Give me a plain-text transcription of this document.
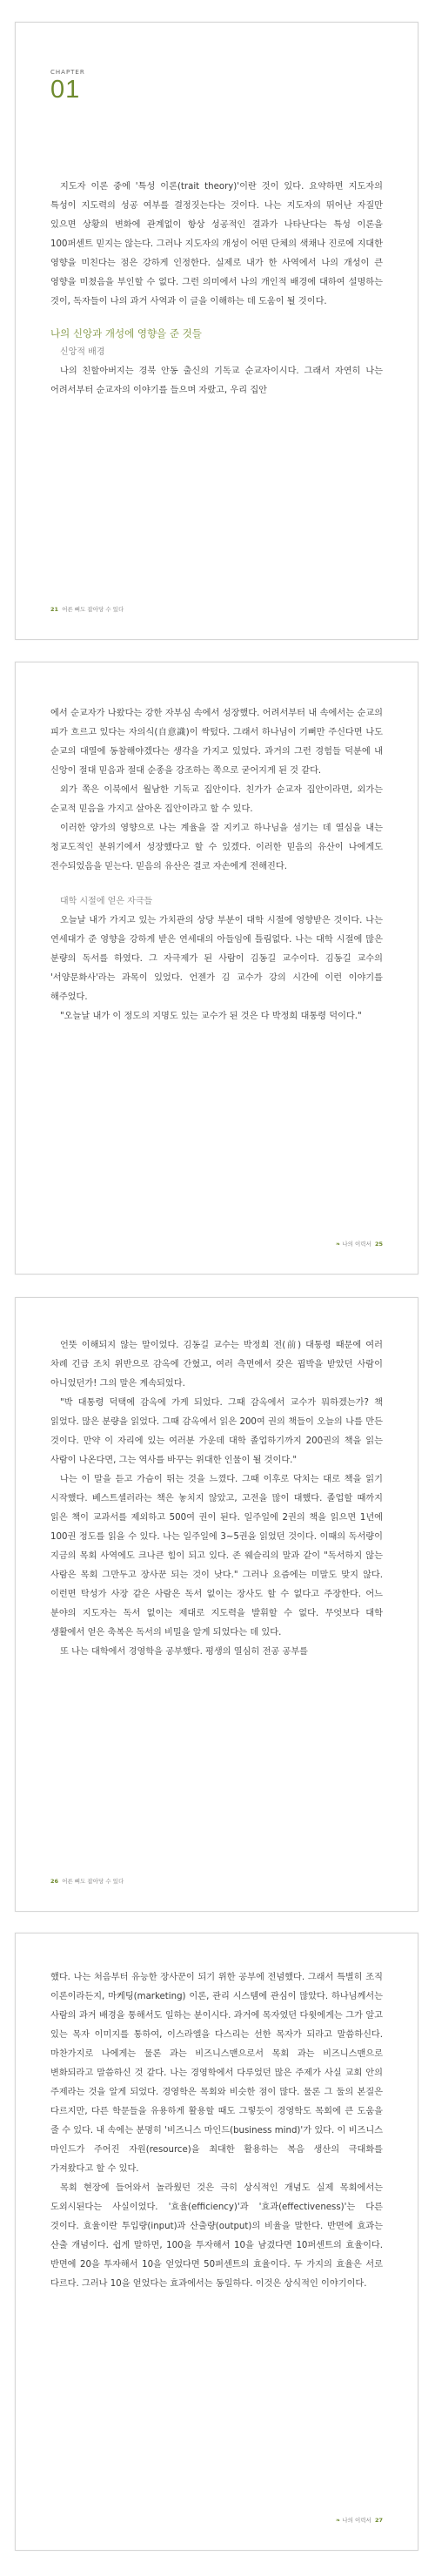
CHAPTER
01

지도자 이론 중에 '특성 이론(trait theory)'이란 것이 있다. 요약하면 지도자의 특성이 지도력의 성공 여부를 결정짓는다는 것이다. 나는 지도자의 뛰어난 자질만 있으면 상황의 변화에 관계없이 항상 성공적인 결과가 나타난다는 특성 이론을 100퍼센트 믿지는 않는다. 그러나 지도자의 개성이 어떤 단체의 색채나 진로에 지대한 영향을 미친다는 점은 강하게 인정한다. 실제로 내가 한 사역에서 나의 개성이 큰 영향을 미쳤음을 부인할 수 없다. 그런 의미에서 나의 개인적 배경에 대하여 설명하는 것이, 독자들이 나의 과거 사역과 이 글을 이해하는 데 도움이 될 것이다.

나의 신앙과 개성에 영향을 준 것들

신앙적 배경

나의 친할아버지는 경북 안동 출신의 기독교 순교자이시다. 그래서 자연히 나는 어려서부터 순교자의 이야기를 들으며 자랐고, 우리 집안

21 어른 뼈도 잡아당 수 있다

에서 순교자가 나왔다는 강한 자부심 속에서 성장했다. 어려서부터 내 속에서는 순교의 피가 흐르고 있다는 자의식(自意識)이 싹텄다. 그래서 하나님이 기뻐만 주신다면 나도 순교의 대열에 동참해야겠다는 생각을 가지고 있었다. 과거의 그런 경험들 덕분에 내 신앙이 절대 믿음과 절대 순종을 강조하는 쪽으로 굳어지게 된 것 같다.

외가 쪽은 이북에서 월남한 기독교 집안이다. 친가가 순교자 집안이라면, 외가는 순교적 믿음을 가지고 살아온 집안이라고 할 수 있다.

이러한 양가의 영향으로 나는 계율을 잘 지키고 하나님을 섬기는 데 열심을 내는 청교도적인 분위기에서 성장했다고 할 수 있겠다. 이러한 믿음의 유산이 나에게도 전수되었음을 믿는다. 믿음의 유산은 결코 자손에게 전해진다.

대학 시절에 얻은 자극들

오늘날 내가 가지고 있는 가치관의 상당 부분이 대학 시절에 영향받은 것이다. 나는 연세대가 준 영향을 강하게 받은 연세대의 아들임에 틀림없다. 나는 대학 시절에 많은 분량의 독서를 하였다. 그 자극제가 된 사람이 김동길 교수이다. 김동길 교수의 '서양문화사'라는 과목이 있었다. 언젠가 김 교수가 강의 시간에 이런 이야기를 해주었다.

"오늘날 내가 이 정도의 지명도 있는 교수가 된 것은 다 박정희 대통령 덕이다."

❧ 나의 이력서 25

언뜻 이해되지 않는 말이었다. 김동길 교수는 박정희 전(前) 대통령 때문에 여러 차례 긴급 조치 위반으로 감옥에 간혔고, 여러 측면에서 갖은 핍박을 받았던 사람이 아니었던가! 그의 말은 계속되었다.

"박 대통령 덕택에 감옥에 가게 되었다. 그때 감옥에서 교수가 뭐하겠는가? 책 읽었다. 많은 분량을 읽었다. 그때 감옥에서 읽은 200여 권의 책들이 오늘의 나를 만든 것이다. 만약 이 자리에 있는 여러분 가운데 대학 졸업하기까지 200권의 책을 읽는 사람이 나온다면, 그는 역사를 바꾸는 위대한 인물이 될 것이다."

나는 이 말을 듣고 가슴이 뛰는 것을 느꼈다. 그때 이후로 닥치는 대로 책을 읽기 시작했다. 베스트셀러라는 책은 놓치지 않았고, 고전을 많이 대했다. 졸업할 때까지 읽은 책이 교과서를 제외하고 500여 권이 된다. 일주일에 2권의 책을 읽으면 1년에 100권 정도를 읽을 수 있다. 나는 일주일에 3~5권을 읽었던 것이다. 이때의 독서량이 지금의 목회 사역에도 크나큰 힘이 되고 있다. 존 웨슬리의 말과 같이 "독서하지 않는 사람은 목회 그만두고 장사꾼 되는 것이 낫다." 그러나 요즘에는 미말도 맞지 않다. 이런면 탁성가 사장 같은 사람은 독서 없이는 장사도 할 수 없다고 주장한다. 어느 분야의 지도자는 독서 없이는 제대로 지도력을 발휘할 수 없다. 무엇보다 대학 생활에서 얻은 축복은 독서의 비밀을 알게 되었다는 데 있다.

또 나는 대학에서 경영학을 공부했다. 평생의 열심히 전공 공부를

26 어른 뼈도 잡아당 수 있다

했다. 나는 처음부터 유능한 장사꾼이 되기 위한 공부에 전념했다. 그래서 특별히 조직 이론이라든지, 마케팅(marketing) 이론, 관리 시스템에 관심이 많았다. 하나님께서는 사람의 과거 배경을 통해서도 일하는 분이시다. 과거에 목자였던 다윗에게는 그가 알고 있는 목자 이미지를 통하여, 이스라엘을 다스리는 선한 목자가 되라고 말씀하신다. 마찬가지로 나에게는 물론 과는 비즈니스맨으로서 목회 과는 비즈니스맨으로 변화되라고 말씀하신 것 같다. 나는 경영학에서 다루었던 많은 주제가 사실 교회 안의 주제라는 것을 알게 되었다. 경영학은 목회와 비슷한 점이 많다. 물론 그 둘의 본질은 다르지만, 다른 학문들을 유용하게 활용할 때도 그렇듯이 경영학도 목회에 큰 도움을 줄 수 있다. 내 속에는 분명히 '비즈니스 마인드(business mind)'가 있다. 이 비즈니스 마인드가 주어진 자원(resource)을 최대한 활용하는 복음 생산의 극대화를 가져왔다고 할 수 있다.

목회 현장에 들어와서 놀라웠던 것은 극히 상식적인 개념도 실제 목회에서는 도외시된다는 사실이었다. '효율(efficiency)'과 '효과(effectiveness)'는 다른 것이다. 효율이란 투입량(input)과 산출량(output)의 비율을 말한다. 반면에 효과는 산출 개념이다. 쉽게 말하면, 100을 투자해서 10을 남겼다면 10퍼센트의 효율이다. 반면에 20을 투자해서 10을 얻었다면 50퍼센트의 효율이다. 두 가지의 효율은 서로 다르다. 그러나 10을 얻었다는 효과에서는 동일하다. 이것은 상식적인 이야기이다.

❧ 나의 이력서 27
